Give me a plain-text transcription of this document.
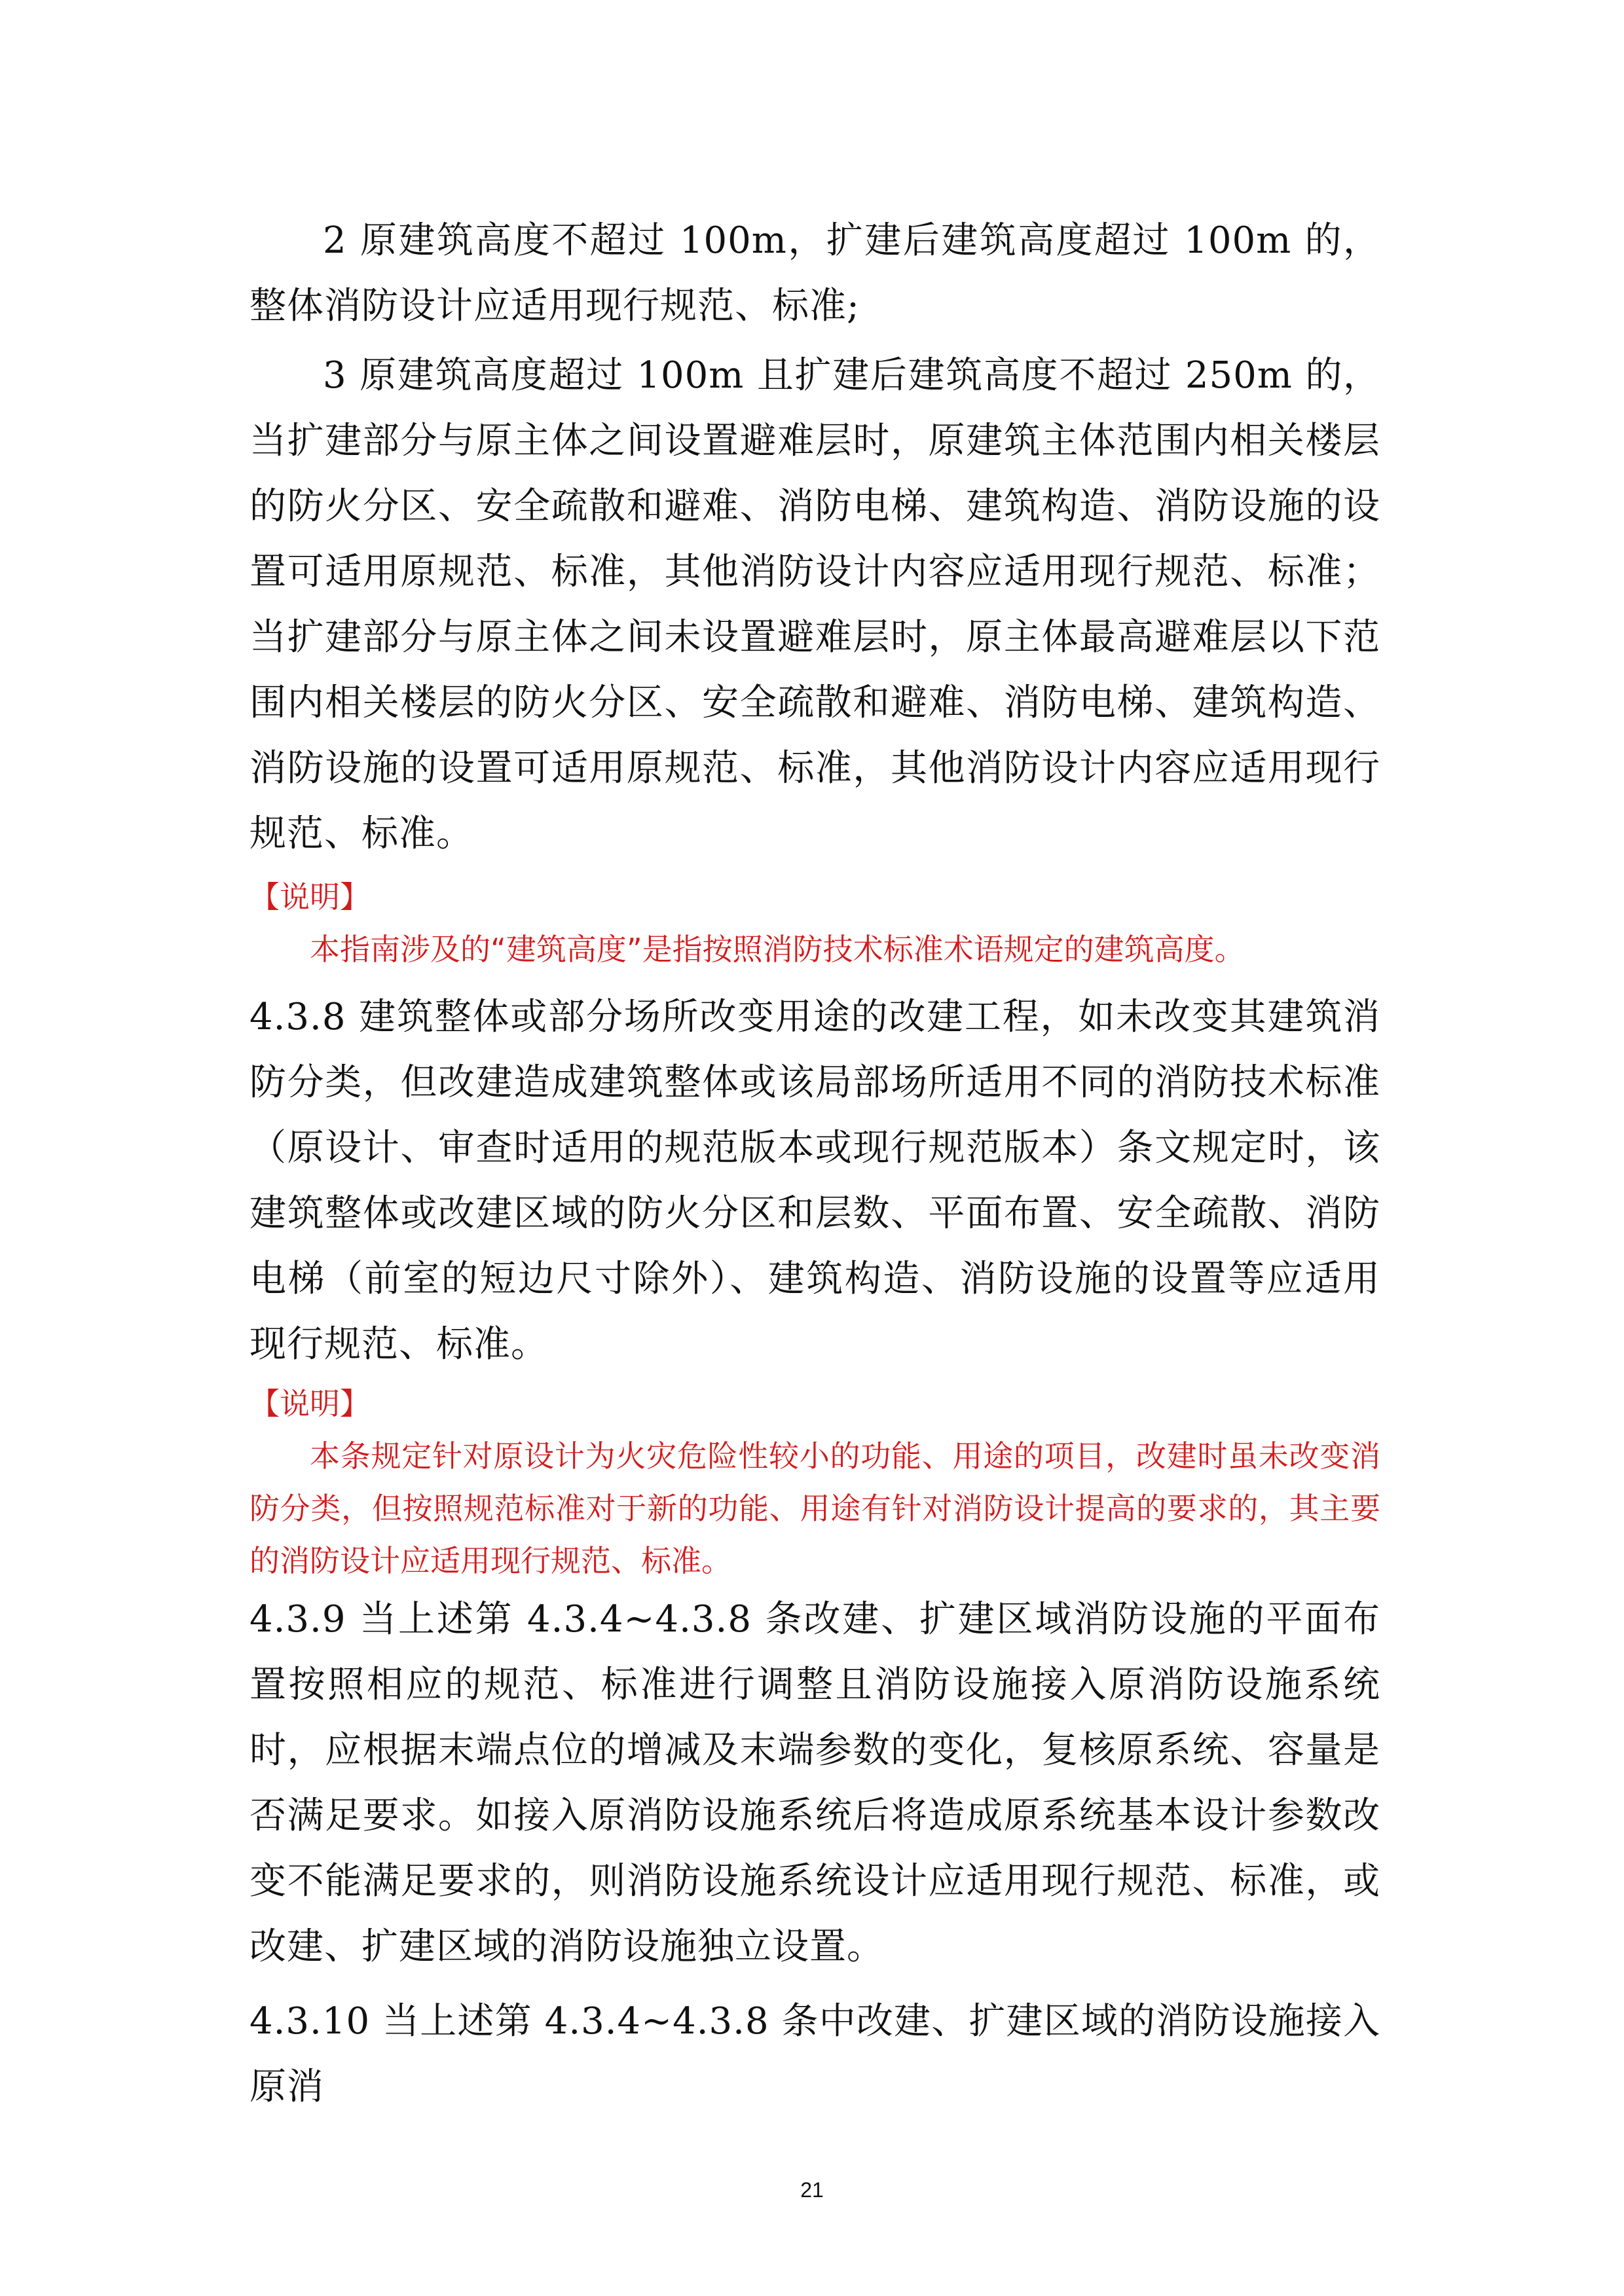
2 原建筑高度不超过 100m，扩建后建筑高度超过 100m 的，整体消防设计应适用现行规范、标准;

3 原建筑高度超过 100m 且扩建后建筑高度不超过 250m 的，当扩建部分与原主体之间设置避难层时，原建筑主体范围内相关楼层的防火分区、安全疏散和避难、消防电梯、建筑构造、消防设施的设置可适用原规范、标准，其他消防设计内容应适用现行规范、标准；当扩建部分与原主体之间未设置避难层时，原主体最高避难层以下范围内相关楼层的防火分区、安全疏散和避难、消防电梯、建筑构造、消防设施的设置可适用原规范、标准，其他消防设计内容应适用现行规范、标准。

【说明】

本指南涉及的“建筑高度”是指按照消防技术标准术语规定的建筑高度。

4.3.8 建筑整体或部分场所改变用途的改建工程，如未改变其建筑消防分类，但改建造成建筑整体或该局部场所适用不同的消防技术标准（原设计、审查时适用的规范版本或现行规范版本）条文规定时，该建筑整体或改建区域的防火分区和层数、平面布置、安全疏散、消防电梯（前室的短边尺寸除外）、建筑构造、消防设施的设置等应适用现行规范、标准。

【说明】

本条规定针对原设计为火灾危险性较小的功能、用途的项目，改建时虽未改变消防分类，但按照规范标准对于新的功能、用途有针对消防设计提高的要求的，其主要的消防设计应适用现行规范、标准。

4.3.9 当上述第 4.3.4~4.3.8 条改建、扩建区域消防设施的平面布置按照相应的规范、标准进行调整且消防设施接入原消防设施系统时，应根据末端点位的增减及末端参数的变化，复核原系统、容量是否满足要求。如接入原消防设施系统后将造成原系统基本设计参数改变不能满足要求的，则消防设施系统设计应适用现行规范、标准，或改建、扩建区域的消防设施独立设置。

4.3.10 当上述第 4.3.4~4.3.8 条中改建、扩建区域的消防设施接入原消

21
